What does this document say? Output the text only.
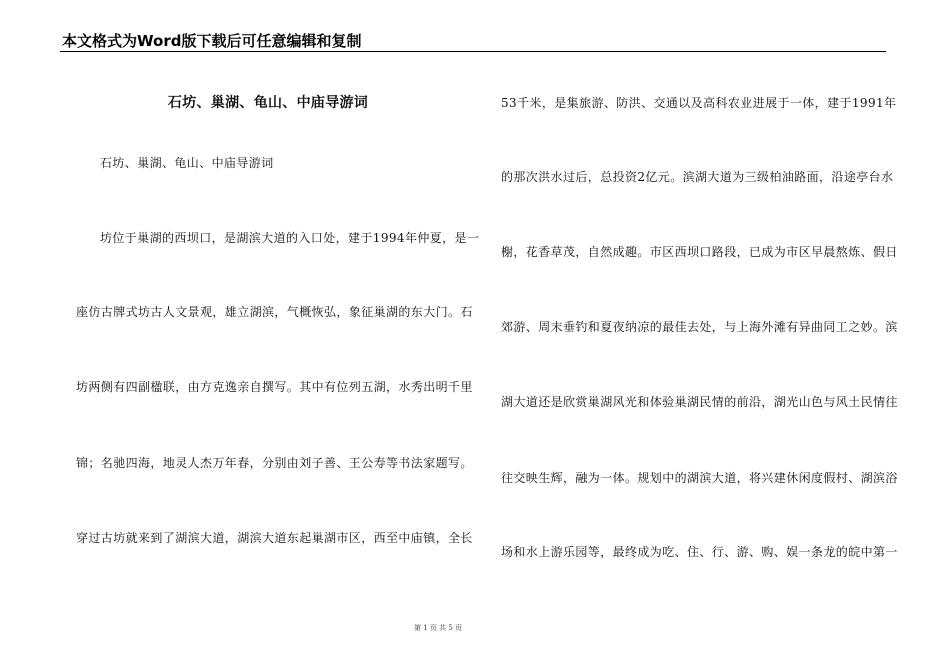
本文格式为Word版下载后可任意编辑和复制
石坊、巢湖、龟山、中庙导游词
石坊、巢湖、龟山、中庙导游词
坊位于巢湖的西坝口，是湖滨大道的入口处，建于1994年仲夏，是一
座仿古牌式坊古人文景观，雄立湖滨，气概恢弘，象征巢湖的东大门。石
坊两侧有四副楹联，由方克逸亲自撰写。其中有位列五湖，水秀出明千里
锦；名驰四海，地灵人杰万年春，分别由刘子善、王公寿等书法家题写。
穿过古坊就来到了湖滨大道，湖滨大道东起巢湖市区，西至中庙镇，全长
53千米，是集旅游、防洪、交通以及高科农业进展于一体，建于1991年
的那次洪水过后，总投资2亿元。滨湖大道为三级柏油路面，沿途亭台水
榭，花香草茂，自然成趣。市区西坝口路段，已成为市区早晨熬炼、假日
郊游、周末垂钓和夏夜纳凉的最佳去处，与上海外滩有异曲同工之妙。滨
湖大道还是欣赏巢湖风光和体验巢湖民情的前沿，湖光山色与风土民情往
往交映生辉，融为一体。规划中的湖滨大道，将兴建休闲度假村、湖滨浴
场和水上游乐园等，最终成为吃、住、行、游、购、娱一条龙的皖中第一
第 1 页 共 5 页
